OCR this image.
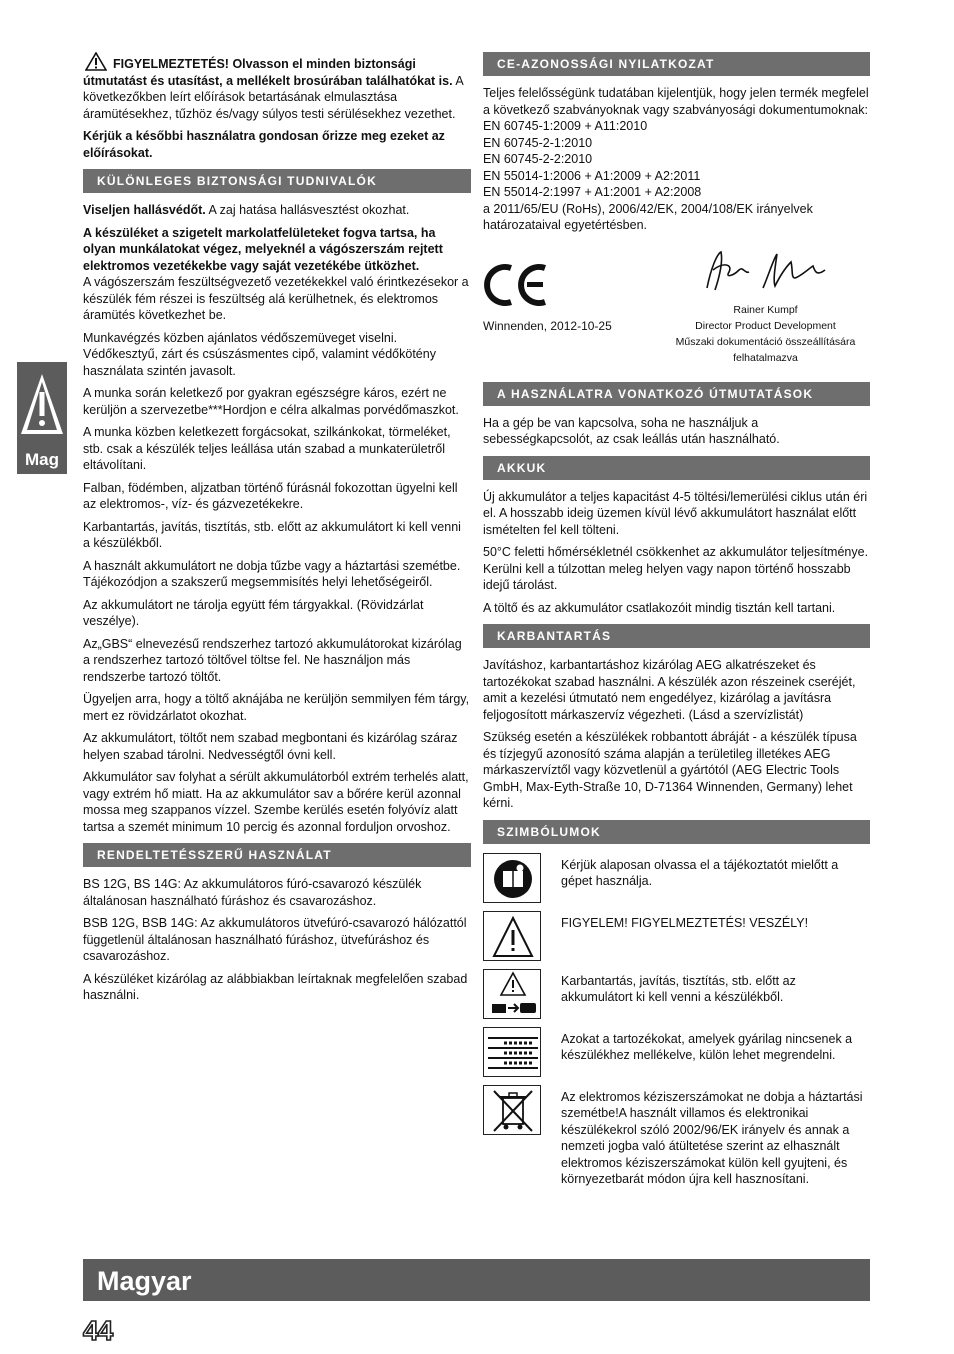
Mag

FIGYELMEZTETÉS! Olvasson el minden biztonsági útmutatást és utasítást, a mellékelt brosúrában találhatókat is. A következőkben leírt előírások betartásának elmulasztása áramütésekhez, tűzhöz és/vagy súlyos testi sérülésekhez vezethet.

Kérjük a későbbi használatra gondosan őrizze meg ezeket az előírásokat.

KÜLÖNLEGES BIZTONSÁGI TUDNIVALÓK

Viseljen hallásvédőt. A zaj hatása hallásvesztést okozhat.

A készüléket a szigetelt markolatfelületeket fogva tartsa, ha olyan munkálatokat végez, melyeknél a vágószerszám rejtett elektromos vezetékekbe vagy saját vezetékébe ütközhet.
A vágószerszám feszültségvezető vezetékekkel való érintkezésekor a készülék fém részei is feszültség alá kerülhetnek, és elektromos áramütés következhet be.

Munkavégzés közben ajánlatos védőszemüveget viselni. Védőkesztyű, zárt és csúszásmentes cipő, valamint védőkötény használata szintén javasolt.

A munka során keletkező por gyakran egészségre káros, ezért ne kerüljön a szervezetbe***Hordjon e célra alkalmas porvédőmaszkot.

A munka közben keletkezett forgácsokat, szilkánkokat, törmeléket, stb. csak a készülék teljes leállása után szabad a munkaterületről eltávolítani.

Falban, födémben, aljzatban történő fúrásnál fokozottan ügyelni kell az elektromos-, víz- és gázvezetékekre.

Karbantartás, javítás, tisztítás, stb. előtt az akkumulátort ki kell venni a készülékből.

A használt akkumulátort ne dobja tűzbe vagy a háztartási szemétbe. Tájékozódjon a szakszerű megsemmisítés helyi lehetőségeiről.

Az akkumulátort ne tárolja együtt fém tárgyakkal. (Rövidzárlat veszélye).

Az„GBS“ elnevezésű rendszerhez tartozó akkumulátorokat kizárólag a rendszerhez tartozó töltővel töltse fel. Ne használjon más rendszerbe tartozó töltőt.

Ügyeljen arra, hogy a töltő aknájába ne kerüljön semmilyen fém tárgy, mert ez rövidzárlatot okozhat.

Az akkumulátort, töltőt nem szabad megbontani és kizárólag száraz helyen szabad tárolni. Nedvességtől óvni kell.

Akkumulátor sav folyhat a sérült akkumulátorból extrém terhelés alatt, vagy extrém hő miatt. Ha az akkumulátor sav a bőrére kerül azonnal mossa meg szappanos vízzel. Szembe kerülés esetén folyóvíz alatt tartsa a szemét minimum 10 percig és azonnal forduljon orvoshoz.

RENDELTETÉSSZERŰ HASZNÁLAT

BS 12G, BS 14G: Az akkumulátoros fúró-csavarozó készülék általánosan használható fúráshoz és csavarozáshoz.

BSB 12G, BSB 14G: Az akkumulátoros ütvefúró-csavarozó hálózattól függetlenül általánosan használható fúráshoz, ütvefúráshoz és csavarozáshoz.

A készüléket kizárólag az alábbiakban leírtaknak megfelelően szabad használni.

CE-AZONOSSÁGI NYILATKOZAT

Teljes felelősségünk tudatában kijelentjük, hogy jelen termék megfelel a következő szabványoknak vagy szabványosági dokumentumoknak:

EN 60745-1:2009 + A11:2010
EN 60745-2-1:2010
EN 60745-2-2:2010
EN 55014-1:2006 + A1:2009 + A2:2011
EN 55014-2:1997 + A1:2001 + A2:2008

a 2011/65/EU (RoHs), 2006/42/EK, 2004/108/EK irányelvek határozataival egyetértésben.

Winnenden, 2012-10-25
Rainer Kumpf
Director Product Development
Műszaki dokumentáció összeállítására felhatalmazva
A HASZNÁLATRA VONATKOZÓ ÚTMUTATÁSOK

Ha a gép be van kapcsolva, soha ne használjuk a sebességkapcsolót, az csak leállás után használható.

AKKUK

Új akkumulátor a teljes kapacitást 4-5 töltési/lemerülési ciklus után éri el. A hosszabb ideig üzemen kívül lévő akkumulátort használat előtt ismételten fel kell tölteni.

50°C feletti hőmérsékletnél csökkenhet az akkumulátor teljesítménye. Kerülni kell a túlzottan meleg helyen vagy napon történő hosszabb idejű tárolást.

A töltő és az akkumulátor csatlakozóit mindig tisztán kell tartani.

KARBANTARTÁS

Javításhoz, karbantartáshoz kizárólag AEG alkatrészeket és tartozékokat szabad használni. A készülék azon részeinek cseréjét, amit a kezelési útmutató nem engedélyez, kizárólag a javításra feljogosított márkaszervíz végezheti. (Lásd a szervízlistát)

Szükség esetén a készülékek robbantott ábráját - a készülék típusa és tízjegyű azonosító száma alapján a területileg illetékes AEG márkaszervíztől vagy közvetlenül a gyártótól (AEG Electric Tools GmbH, Max-Eyth-Straße 10, D-71364 Winnenden, Germany) lehet kérni.

SZIMBÓLUMOK
Kérjük alaposan olvassa el a tájékoztatót mielőtt a gépet használja.
FIGYELEM! FIGYELMEZTETÉS! VESZÉLY!
Karbantartás, javítás, tisztítás, stb. előtt az akkumulátort ki kell venni a készülékből.
Azokat a tartozékokat, amelyek gyárilag nincsenek a készülékhez mellékelve, külön lehet megrendelni.
Az elektromos kéziszerszámokat ne dobja a háztartási szemétbe!A használt villamos és elektronikai készülékekrol szóló 2002/96/EK irányelv és annak a nemzeti jogba való átültetése szerint az elhasznált elektromos kéziszerszámokat külön kell gyujteni, és környezetbarát módon újra kell hasznosítani.
Magyar
44
